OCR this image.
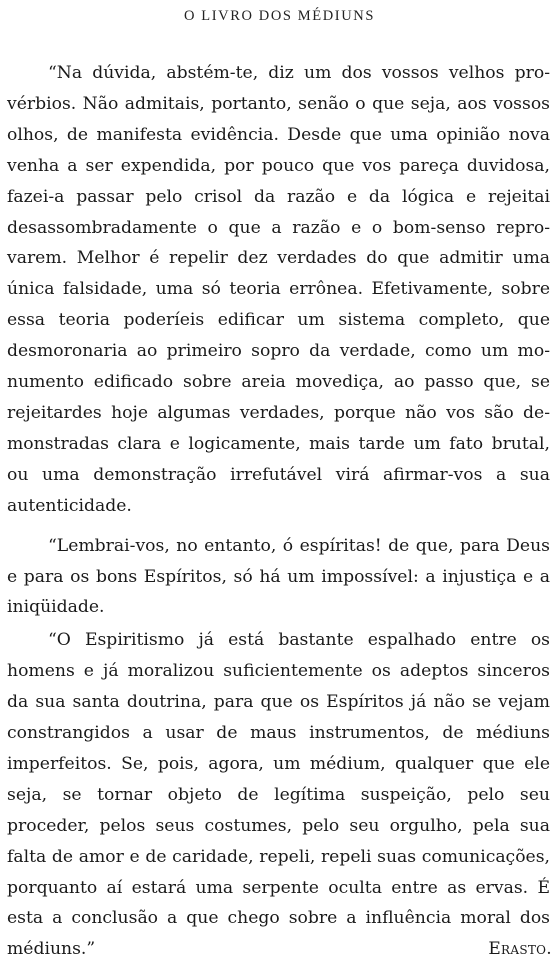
O LIVRO DOS MÉDIUNS

“Na dúvida, abstém-te, diz um dos vossos velhos provérbios. Não admitais, portanto, senão o que seja, aos vossos olhos, de manifesta evidência. Desde que uma opinião nova venha a ser expendida, por pouco que vos pareça duvidosa, fazei-a passar pelo crisol da razão e da lógica e rejeitai desassombradamente o que a razão e o bom-senso reprovarem. Melhor é repelir dez verdades do que admitir uma única falsidade, uma só teoria errônea. Efetivamente, sobre essa teoria poderíeis edificar um sistema completo, que desmoronaria ao primeiro sopro da verdade, como um monumento edificado sobre areia movediça, ao passo que, se rejeitardes hoje algumas verdades, porque não vos são demonstradas clara e logicamente, mais tarde um fato brutal, ou uma demonstração irrefutável virá afirmar-vos a sua autenticidade.

“Lembrai-vos, no entanto, ó espíritas! de que, para Deus e para os bons Espíritos, só há um impossível: a injustiça e a iniqüidade.

“O Espiritismo já está bastante espalhado entre os homens e já moralizou suficientemente os adeptos sinceros da sua santa doutrina, para que os Espíritos já não se vejam constrangidos a usar de maus instrumentos, de médiuns imperfeitos. Se, pois, agora, um médium, qualquer que ele seja, se tornar objeto de legítima suspeição, pelo seu proceder, pelos seus costumes, pelo seu orgulho, pela sua falta de amor e de caridade, repeli, repeli suas comunicações, porquanto aí estará uma serpente oculta entre as ervas. É esta a conclusão a que chego sobre a influência moral dos médiuns.”	Erasto.
